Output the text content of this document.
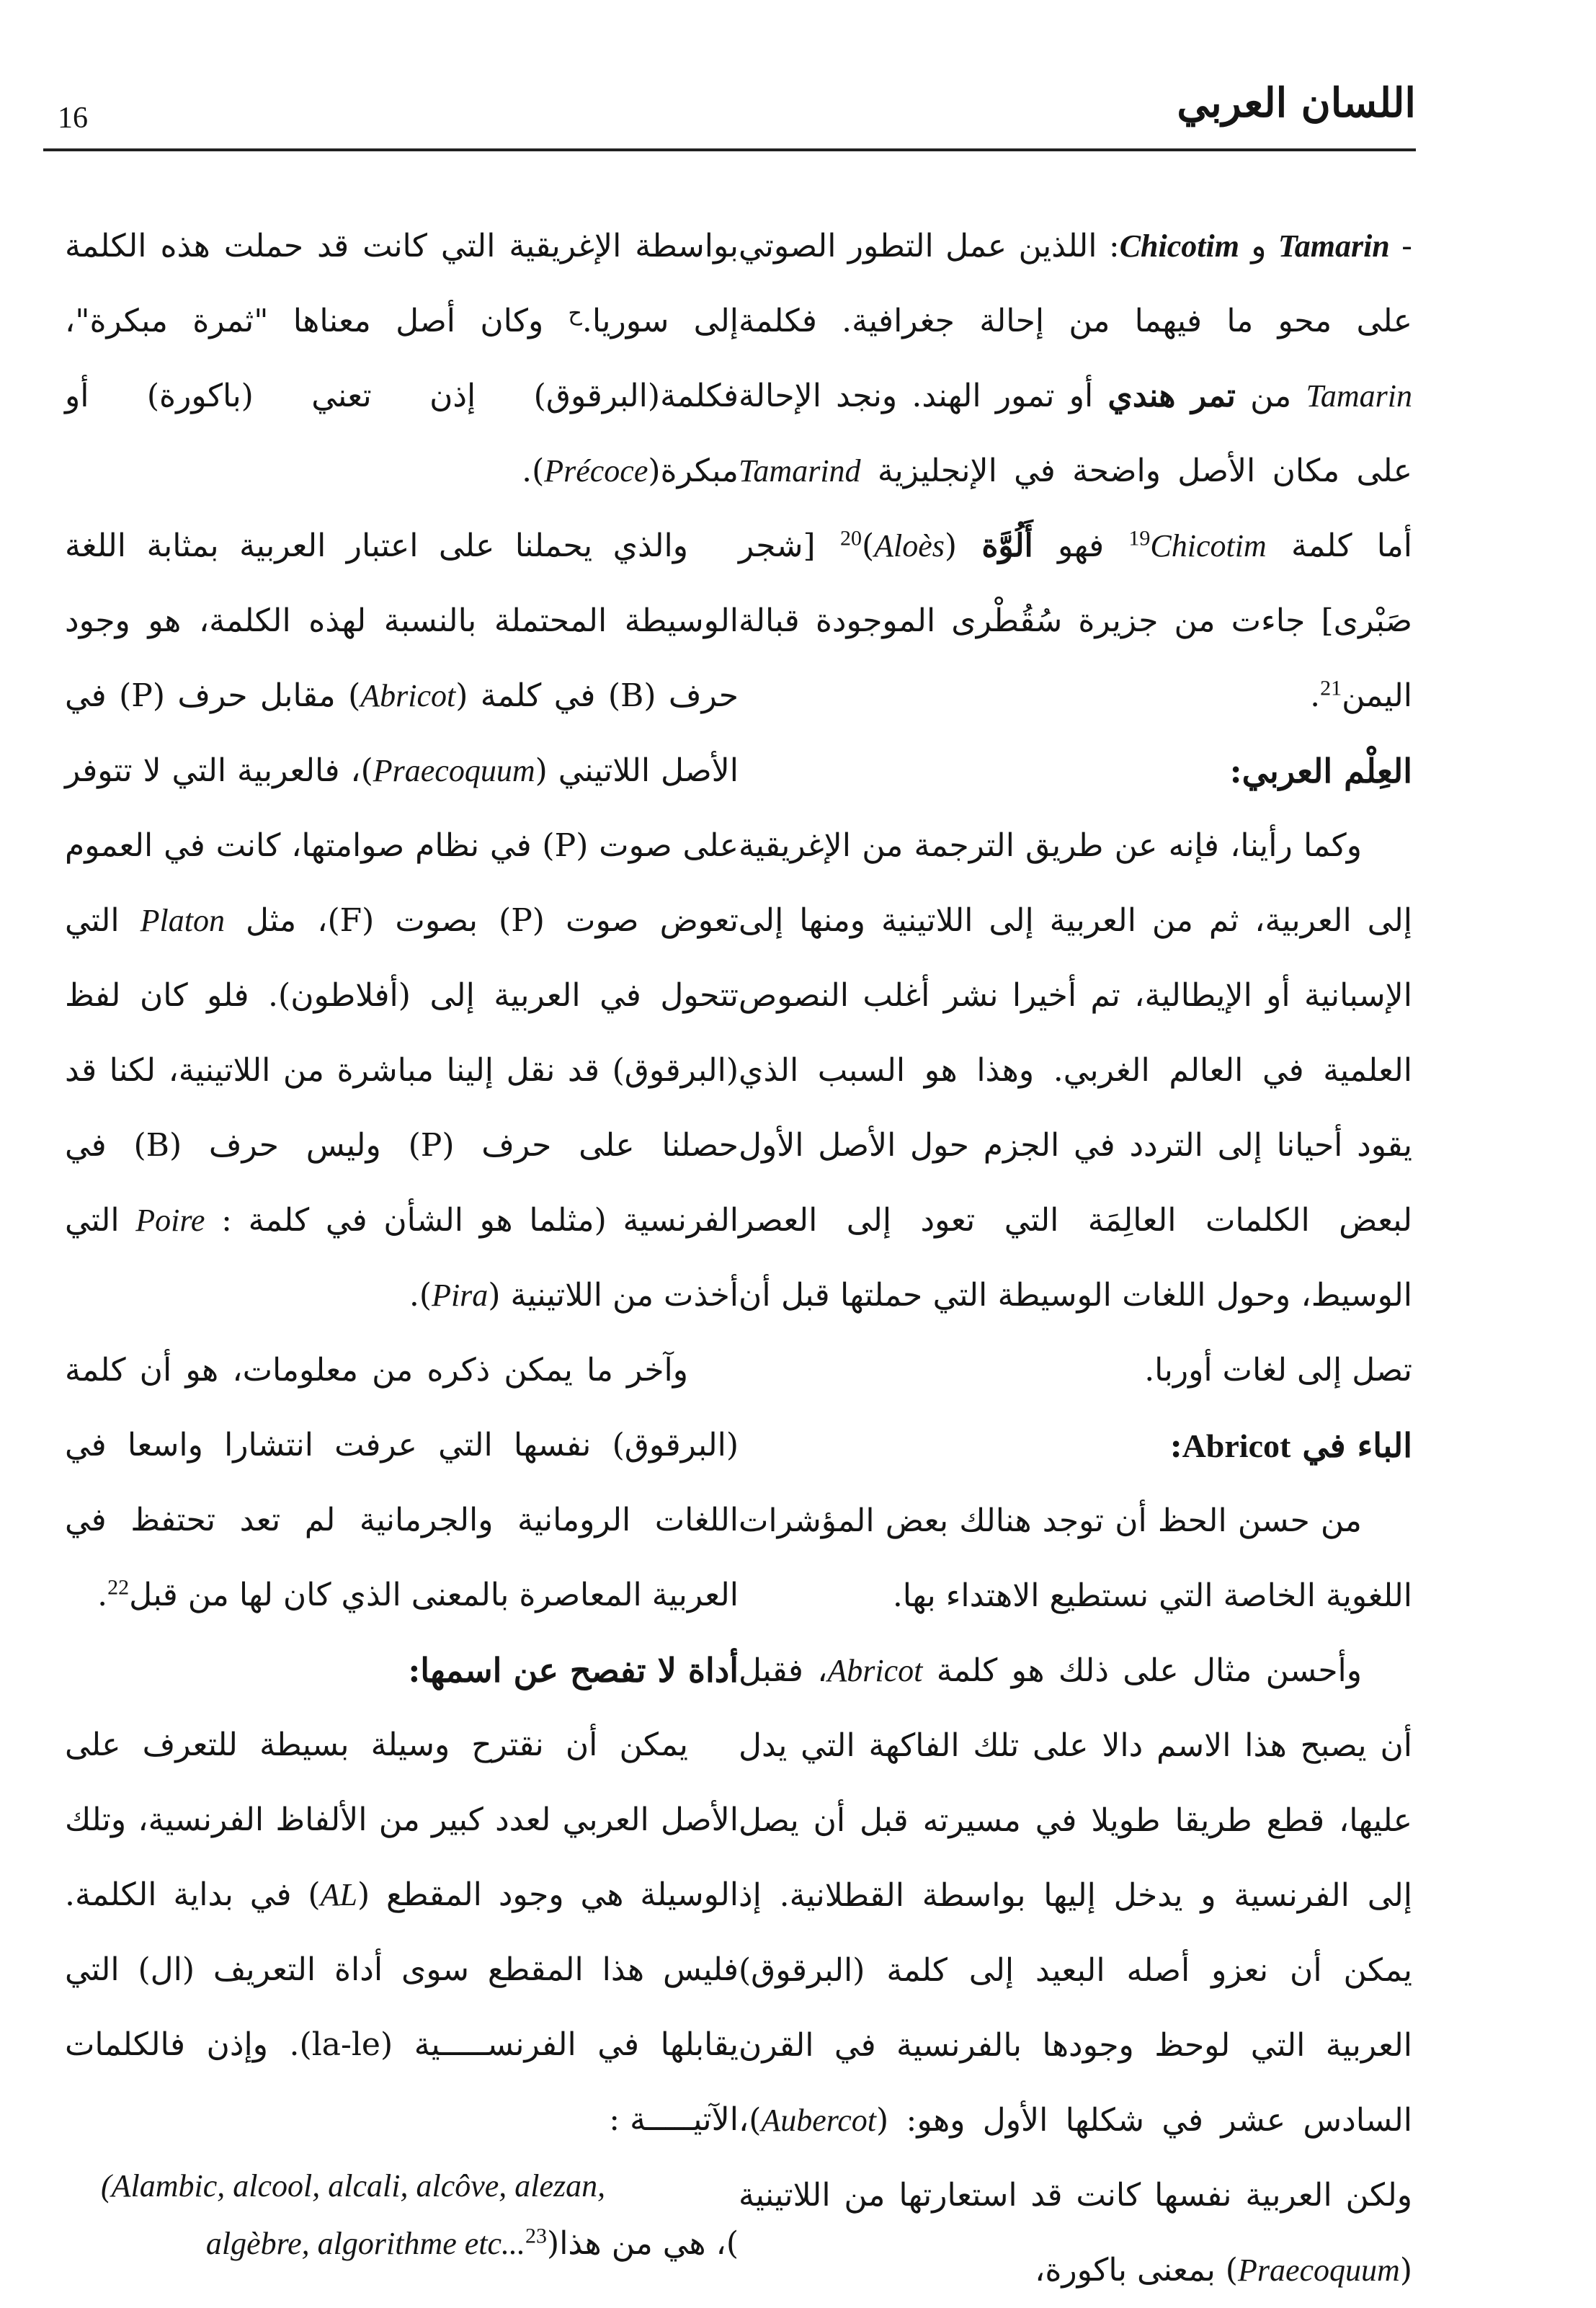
اللسان العربي
16

- Tamarin و Chicotim: اللذين عمل التطور الصوتي على محو ما فيهما من إحالة جغرافية. فكلمة Tamarin من تمر هندي أو تمور الهند. ونجد الإحالة على مكان الأصل واضحة في الإنجليزية Tamarind أما كلمة Chicotim$^{19}$ فهو أَلُوَّة (Aloès)$^{20}$ [شجر صَبْرى] جاءت من جزيرة سُقُطْرى الموجودة قبالة اليمن$^{21}$.

العِلْم العربي:

وكما رأينا، فإنه عن طريق الترجمة من الإغريقية إلى العربية، ثم من العربية إلى اللاتينية ومنها إلى الإسبانية أو الإيطالية، تم أخيرا نشر أغلب النصوص العلمية في العالم الغربي. وهذا هو السبب الذي يقود أحيانا إلى التردد في الجزم حول الأصل الأول لبعض الكلمات العالِمَة التي تعود إلى العصر الوسيط، وحول اللغات الوسيطة التي حملتها قبل أن تصل إلى لغات أوربا.

الباء في Abricot:

من حسن الحظ أن توجد هنالك بعض المؤشرات اللغوية الخاصة التي نستطيع الاهتداء بها.

وأحسن مثال على ذلك هو كلمة Abricot، فقبل أن يصبح هذا الاسم دالا على تلك الفاكهة التي يدل عليها، قطع طريقا طويلا في مسيرته قبل أن يصل إلى الفرنسية و يدخل إليها بواسطة القطلانية. إذ يمكن أن نعزو أصله البعيد إلى كلمة (البرقوق) العربية التي لوحظ وجودها بالفرنسية في القرن السادس عشر في شكلها الأول وهو: (Aubercot)، ولكن العربية نفسها كانت قد استعارتها من اللاتينية (Praecoquum) بمعنى باكورة،

بواسطة الإغريقية التي كانت قد حملت هذه الكلمة إلى سوريا.$^ح$ وكان أصل معناها "ثمرة مبكرة"، فكلمة(البرقوق) إذن تعني (باكورة) أو مبكرة(Précoce).

والذي يحملنا على اعتبار العربية بمثابة اللغة الوسيطة المحتملة بالنسبة لهذه الكلمة، هو وجود حرف (B) في كلمة (Abricot) مقابل حرف (P) في الأصل اللاتيني (Praecoquum)، فالعربية التي لا تتوفر على صوت (P) في نظام صوامتها، كانت في العموم تعوض صوت (P) بصوت (F)، مثل Platon التي تتحول في العربية إلى (أفلاطون). فلو كان لفظ (البرقوق) قد نقل إلينا مباشرة من اللاتينية، لكنا قد حصلنا على حرف (P) وليس حرف (B) في الفرنسية (مثلما هو الشأن في كلمة : Poire التي أخذت من اللاتينية (Pira).

وآخر ما يمكن ذكره من معلومات، هو أن كلمة (البرقوق) نفسها التي عرفت انتشارا واسعا في اللغات الرومانية والجرمانية لم تعد تحتفظ في العربية المعاصرة بالمعنى الذي كان لها من قبل$^{22}$.

أداة لا تفصح عن اسمها:

يمكن أن نقترح وسيلة بسيطة للتعرف على الأصل العربي لعدد كبير من الألفاظ الفرنسية، وتلك الوسيلة هي وجود المقطع (AL) في بداية الكلمة. فليس هذا المقطع سوى أداة التعريف (ال) التي يقابلها في الفرنســـــية (la-le). وإذن فالكلمات الآتيـــــة :

(Alambic, alcool, alcali, alcôve, alezan,

)، هي من هذا($^{23}$algèbre, algorithme etc...
